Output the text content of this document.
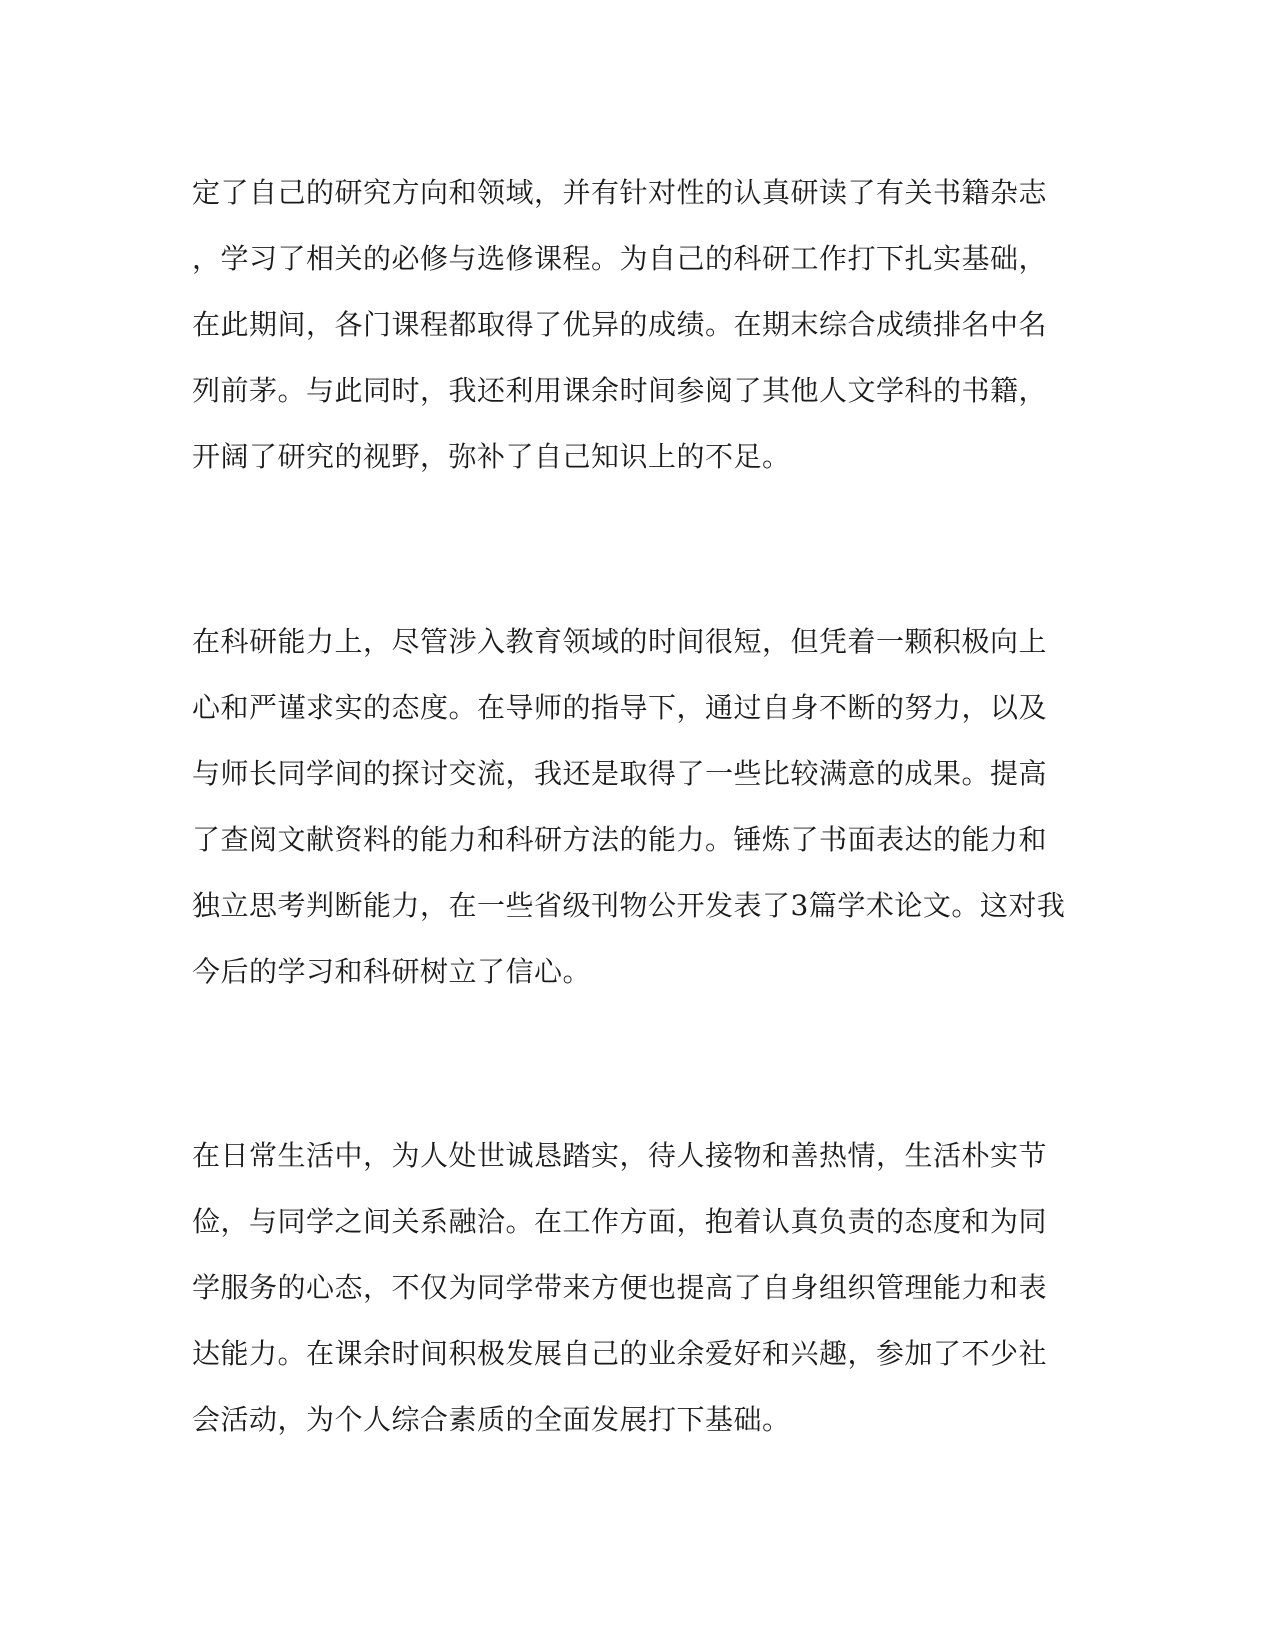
定了自己的研究方向和领域，并有针对性的认真研读了有关书籍杂志
，学习了相关的必修与选修课程。为自己的科研工作打下扎实基础，
在此期间，各门课程都取得了优异的成绩。在期末综合成绩排名中名
列前茅。与此同时，我还利用课余时间参阅了其他人文学科的书籍，
开阔了研究的视野，弥补了自己知识上的不足。

在科研能力上，尽管涉入教育领域的时间很短，但凭着一颗积极向上
心和严谨求实的态度。在导师的指导下，通过自身不断的努力，以及
与师长同学间的探讨交流，我还是取得了一些比较满意的成果。提高
了查阅文献资料的能力和科研方法的能力。锤炼了书面表达的能力和
独立思考判断能力，在一些省级刊物公开发表了3篇学术论文。这对我
今后的学习和科研树立了信心。

在日常生活中，为人处世诚恳踏实，待人接物和善热情，生活朴实节
俭，与同学之间关系融洽。在工作方面，抱着认真负责的态度和为同
学服务的心态，不仅为同学带来方便也提高了自身组织管理能力和表
达能力。在课余时间积极发展自己的业余爱好和兴趣，参加了不少社
会活动，为个人综合素质的全面发展打下基础。
